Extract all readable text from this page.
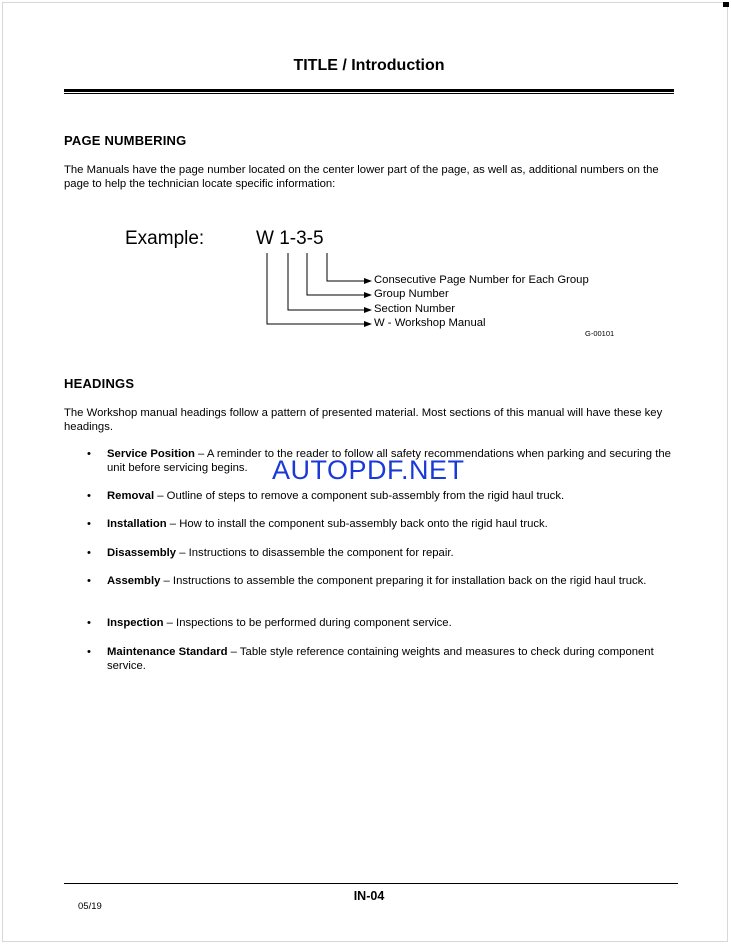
TITLE / Introduction
PAGE NUMBERING
The Manuals have the page number located on the center lower part of the page, as well as, additional numbers on the page to help the technician locate specific information:
Example:	W 1-3-5
Consecutive Page Number for Each Group
Group Number
Section Number
W - Workshop Manual
G-00101
HEADINGS
The Workshop manual headings follow a pattern of presented material. Most sections of this manual will have these key headings.
• Service Position – A reminder to the reader to follow all safety recommendations when parking and securing the unit before servicing begins.
• Removal – Outline of steps to remove a component sub-assembly from the rigid haul truck.
• Installation – How to install the component sub-assembly back onto the rigid haul truck.
• Disassembly – Instructions to disassemble the component for repair.
• Assembly – Instructions to assemble the component preparing it for installation back on the rigid haul truck.
• Inspection – Inspections to be performed during component service.
• Maintenance Standard – Table style reference containing weights and measures to check during component service.
AUTOPDF.NET
IN-04
05/19
